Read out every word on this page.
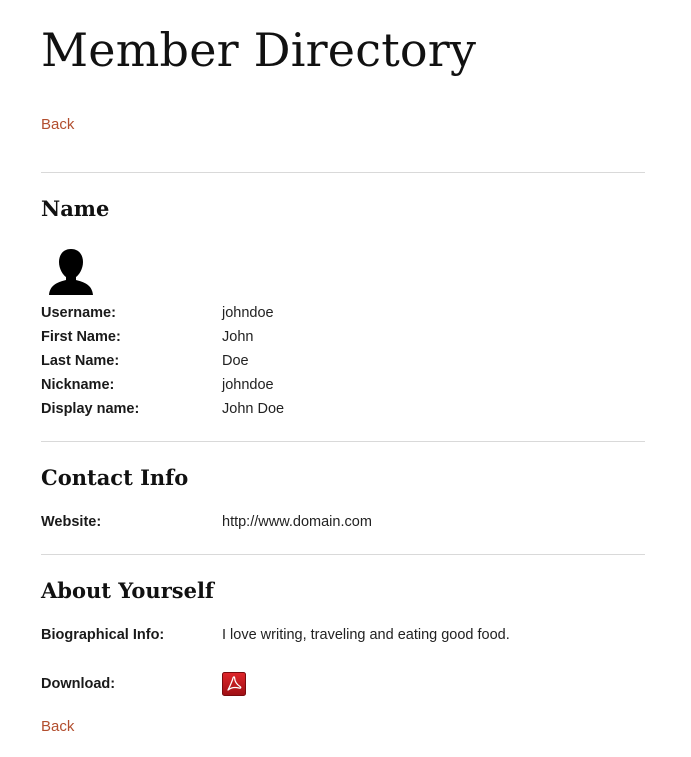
Member Directory
Back
Name
Username:	johndoe
First Name:	John
Last Name:	Doe
Nickname:	johndoe
Display name:	John Doe
Contact Info
Website:	http://www.domain.com
About Yourself
Biographical Info:	I love writing, traveling and eating good food.
Download:
Back
